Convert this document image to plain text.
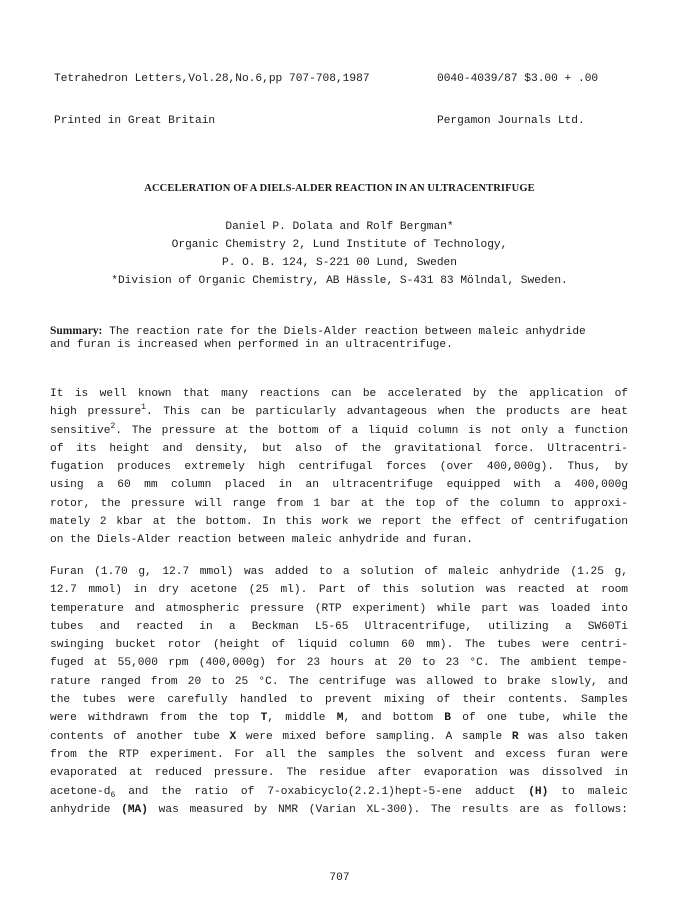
Tetrahedron Letters,Vol.28,No.6,pp 707-708,1987

Printed in Great Britain

0040-4039/87 $3.00 + .00

Pergamon Journals Ltd.

ACCELERATION OF A DIELS-ALDER REACTION IN AN ULTRACENTRIFUGE
Daniel P. Dolata and Rolf Bergman*
Organic Chemistry 2, Lund Institute of Technology,
P. O. B. 124, S-221 00 Lund, Sweden
*Division of Organic Chemistry, AB Hässle, S-431 83 Mölndal, Sweden.
Summary: The reaction rate for the Diels-Alder reaction between maleic anhydride
and furan is increased when performed in an ultracentrifuge.
It is well known that many reactions can be accelerated by the application of
high pressure$^1$. This can be particularly advantageous when the products are heat
sensitive$^2$. The pressure at the bottom of a liquid column is not only a function
of its height and density, but also of the gravitational force. Ultracentri-
fugation produces extremely high centrifugal forces (over 400,000g). Thus, by
using a 60 mm column placed in an ultracentrifuge equipped with a 400,000g
rotor, the pressure will range from 1 bar at the top of the column to approxi-
mately 2 kbar at the bottom. In this work we report the effect of centrifugation
on the Diels-Alder reaction between maleic anhydride and furan.
Furan (1.70 g, 12.7 mmol) was added to a solution of maleic anhydride (1.25 g,
12.7 mmol) in dry acetone (25 ml). Part of this solution was reacted at room
temperature and atmospheric pressure (RTP experiment) while part was loaded into
tubes and reacted in a Beckman L5-65 Ultracentrifuge, utilizing a SW60Ti
swinging bucket rotor (height of liquid column 60 mm). The tubes were centri-
fuged at 55,000 rpm (400,000g) for 23 hours at 20 to 23 °C. The ambient tempe-
rature ranged from 20 to 25 °C. The centrifuge was allowed to brake slowly, and
the tubes were carefully handled to prevent mixing of their contents. Samples
were withdrawn from the top T, middle M, and bottom B of one tube, while the
contents of another tube X were mixed before sampling. A sample R was also taken
from the RTP experiment. For all the samples the solvent and excess furan were
evaporated at reduced pressure. The residue after evaporation was dissolved in
acetone-$d_6$ and the ratio of 7-oxabicyclo(2.2.1)hept-5-ene adduct (H) to maleic
anhydride (MA) was measured by NMR (Varian XL-300). The results are as follows:
707
